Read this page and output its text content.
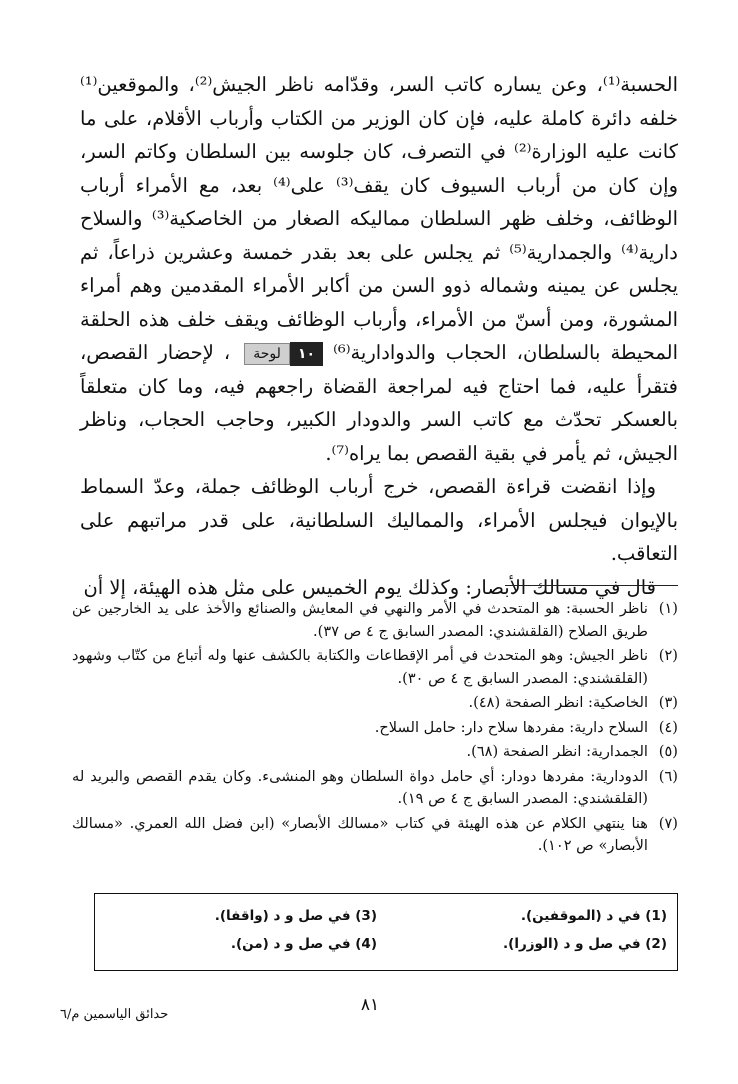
الحسبة⁽¹⁾، وعن يساره كاتب السر، وقدّامه ناظر الجيش⁽²⁾، والموقعين⁽¹⁾ خلفه دائرة كاملة عليه، فإن كان الوزير من الكتاب وأرباب الأقلام، على ما كانت عليه الوزارة⁽²⁾ في التصرف، كان جلوسه بين السلطان وكاتم السر، وإن كان من أرباب السيوف كان يقف⁽³⁾ على⁽⁴⁾ بعد، مع الأمراء أرباب الوظائف، وخلف ظهر السلطان مماليكه الصغار من الخاصكية⁽³⁾ والسلاح دارية⁽⁴⁾ والجمدارية⁽⁵⁾ ثم يجلس على بعد بقدر خمسة وعشرين ذراعاً، ثم يجلس عن يمينه وشماله ذوو السن من أكابر الأمراء المقدمين وهم أمراء المشورة، ومن أسنّ من الأمراء، وأرباب الوظائف ويقف خلف هذه الحلقة المحيطة بالسلطان، الحجاب والدوادارية⁽⁶⁾
١٠
لوحة
، لإحضار القصص، فتقرأ عليه، فما احتاج فيه لمراجعة القضاة راجعهم فيه، وما كان متعلقاً بالعسكر تحدّث مع كاتب السر والدودار الكبير، وحاجب الحجاب، وناظر الجيش، ثم يأمر في بقية القصص بما يراه⁽⁷⁾.

وإذا انقضت قراءة القصص، خرج أرباب الوظائف جملة، وعدّ السماط بالإيوان فيجلس الأمراء، والمماليك السلطانية، على قدر مراتبهم على التعاقب.

قال في مسالك الأبصار: وكذلك يوم الخميس على مثل هذه الهيئة، إلا أن

(١)
ناظر الحسبة: هو المتحدث في الأمر والنهي في المعايش والصنائع والأخذ على يد الخارجين عن طريق الصلاح (القلقشندي: المصدر السابق ج ٤ ص ٣٧).
(٢)
ناظر الجيش: وهو المتحدث في أمر الإقطاعات والكتابة بالكشف عنها وله أتباع من كتّاب وشهود (القلقشندي: المصدر السابق ج ٤ ص ٣٠).
(٣)
الخاصكية: انظر الصفحة (٤٨).
(٤)
السلاح دارية: مفردها سلاح دار: حامل السلاح.
(٥)
الجمدارية: انظر الصفحة (٦٨).
(٦)
الدودارية: مفردها دودار: أي حامل دواة السلطان وهو المنشىء. وكان يقدم القصص والبريد له (القلقشندي: المصدر السابق ج ٤ ص ١٩).
(٧)
هنا ينتهي الكلام عن هذه الهيئة في كتاب «مسالك الأبصار» (ابن فضل الله العمري. «مسالك الأبصار» ص ١٠٢).
(1) في د (الموقفين).
(2) في صل و د (الوزرا).
(3) في صل و د (واقفا).
(4) في صل و د (من).
٨١
حدائق الياسمين م/٦
